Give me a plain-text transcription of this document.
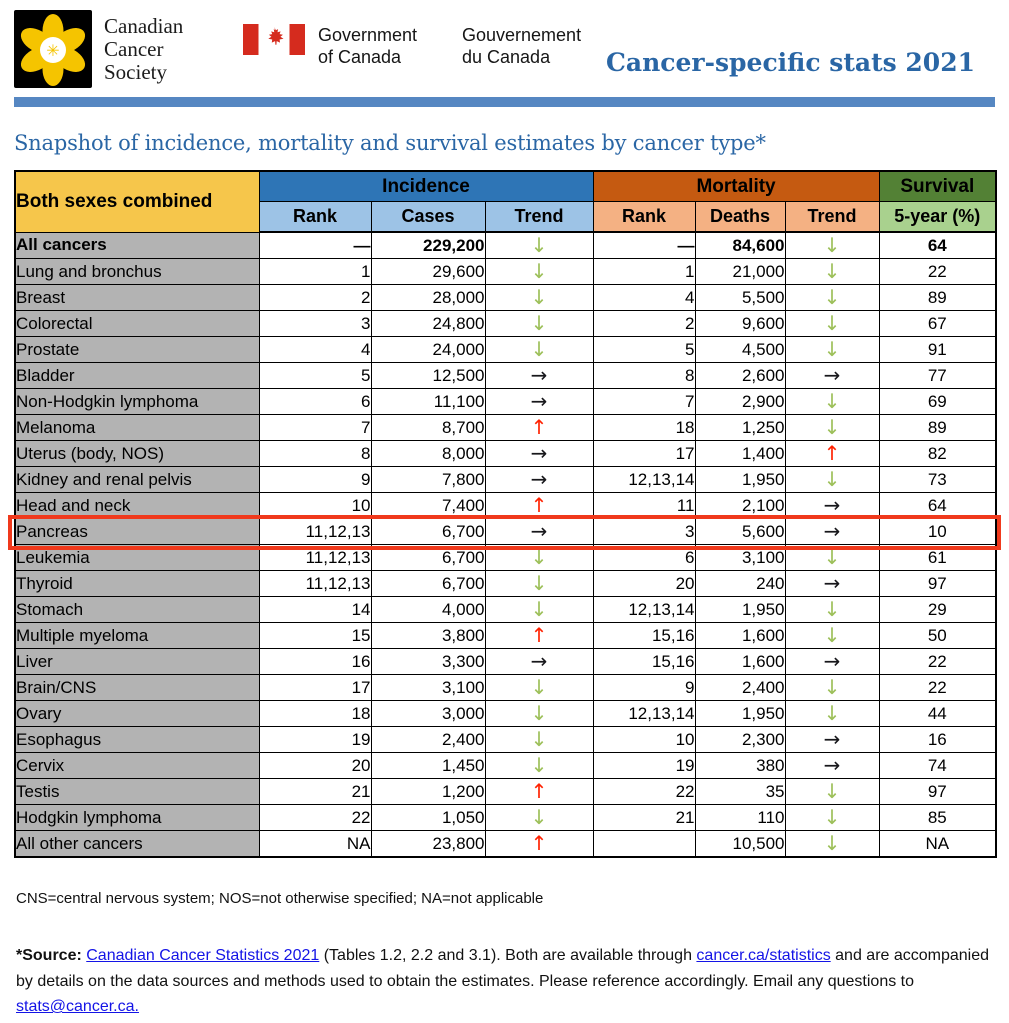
✳
Canadian
Cancer
Society
Government
of Canada
Gouvernement
du Canada	Cancer-specific stats 2021
Snapshot of incidence, mortality and survival estimates by cancer type*
Both sexes combined	Incidence			Mortality			Survival
	Rank	Cases	Trend	Rank	Deaths	Trend	5-year (%)
All cancers	—	229,200	↓	—	84,600	↓	64
Lung and bronchus	1	29,600	↓	1	21,000	↓	22
Breast	2	28,000	↓	4	5,500	↓	89
Colorectal	3	24,800	↓	2	9,600	↓	67
Prostate	4	24,000	↓	5	4,500	↓	91
Bladder	5	12,500	→	8	2,600	→	77
Non-Hodgkin lymphoma	6	11,100	→	7	2,900	↓	69
Melanoma	7	8,700	↑	18	1,250	↓	89
Uterus (body, NOS)	8	8,000	→	17	1,400	↑	82
Kidney and renal pelvis	9	7,800	→	12,13,14	1,950	↓	73
Head and neck	10	7,400	↑	11	2,100	→	64
Pancreas	11,12,13	6,700	→	3	5,600	→	10
Leukemia	11,12,13	6,700	↓	6	3,100	↓	61
Thyroid	11,12,13	6,700	↓	20	240	→	97
Stomach	14	4,000	↓	12,13,14	1,950	↓	29
Multiple myeloma	15	3,800	↑	15,16	1,600	↓	50
Liver	16	3,300	→	15,16	1,600	→	22
Brain/CNS	17	3,100	↓	9	2,400	↓	22
Ovary	18	3,000	↓	12,13,14	1,950	↓	44
Esophagus	19	2,400	↓	10	2,300	→	16
Cervix	20	1,450	↓	19	380	→	74
Testis	21	1,200	↑	22	35	↓	97
Hodgkin lymphoma	22	1,050	↓	21	110	↓	85
All other cancers	NA	23,800	↑		10,500	↓	NA
CNS=central nervous system; NOS=not otherwise specified; NA=not applicable
*Source: Canadian Cancer Statistics 2021 (Tables 1.2, 2.2 and 3.1). Both are available through cancer.ca/statistics and are accompanied by details on the data sources and methods used to obtain the estimates. Please reference accordingly. Email any questions to stats@cancer.ca.
